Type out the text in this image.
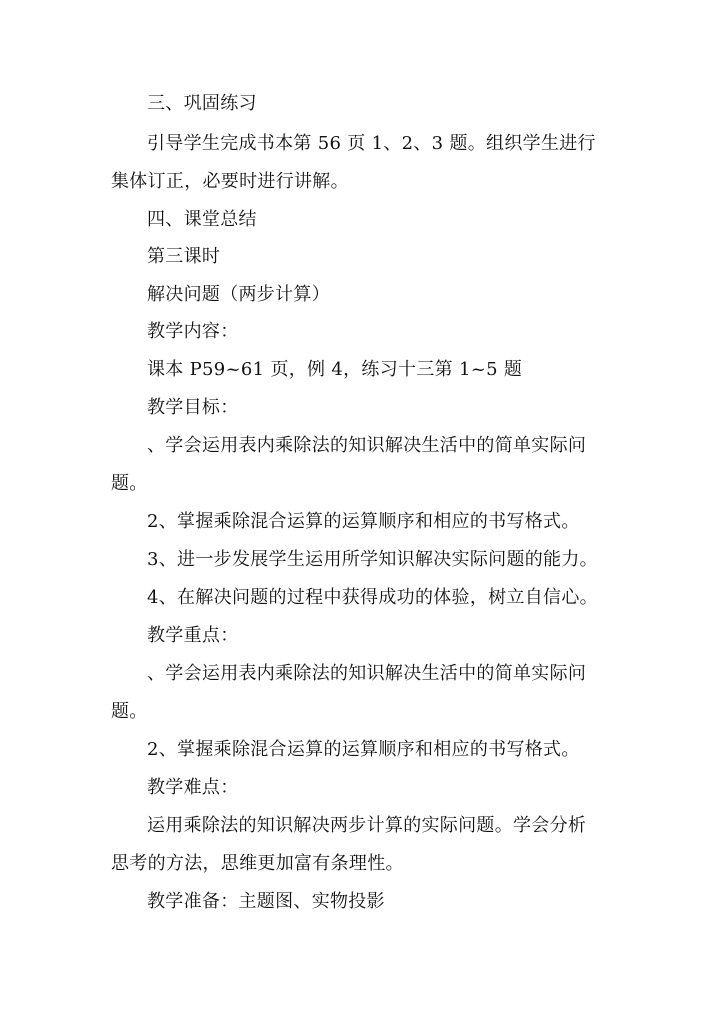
三、巩固练习
引导学生完成书本第 56 页 1、2、3 题。组织学生进行
集体订正，必要时进行讲解。
四、课堂总结
第三课时
解决问题（两步计算）
教学内容：
课本 P59~61 页，例 4，练习十三第 1~5 题
教学目标：
、学会运用表内乘除法的知识解决生活中的简单实际问
题。
2、掌握乘除混合运算的运算顺序和相应的书写格式。
3、进一步发展学生运用所学知识解决实际问题的能力。
4、在解决问题的过程中获得成功的体验，树立自信心。
教学重点：
、学会运用表内乘除法的知识解决生活中的简单实际问
题。
2、掌握乘除混合运算的运算顺序和相应的书写格式。
教学难点：
运用乘除法的知识解决两步计算的实际问题。学会分析
思考的方法，思维更加富有条理性。
教学准备：主题图、实物投影
